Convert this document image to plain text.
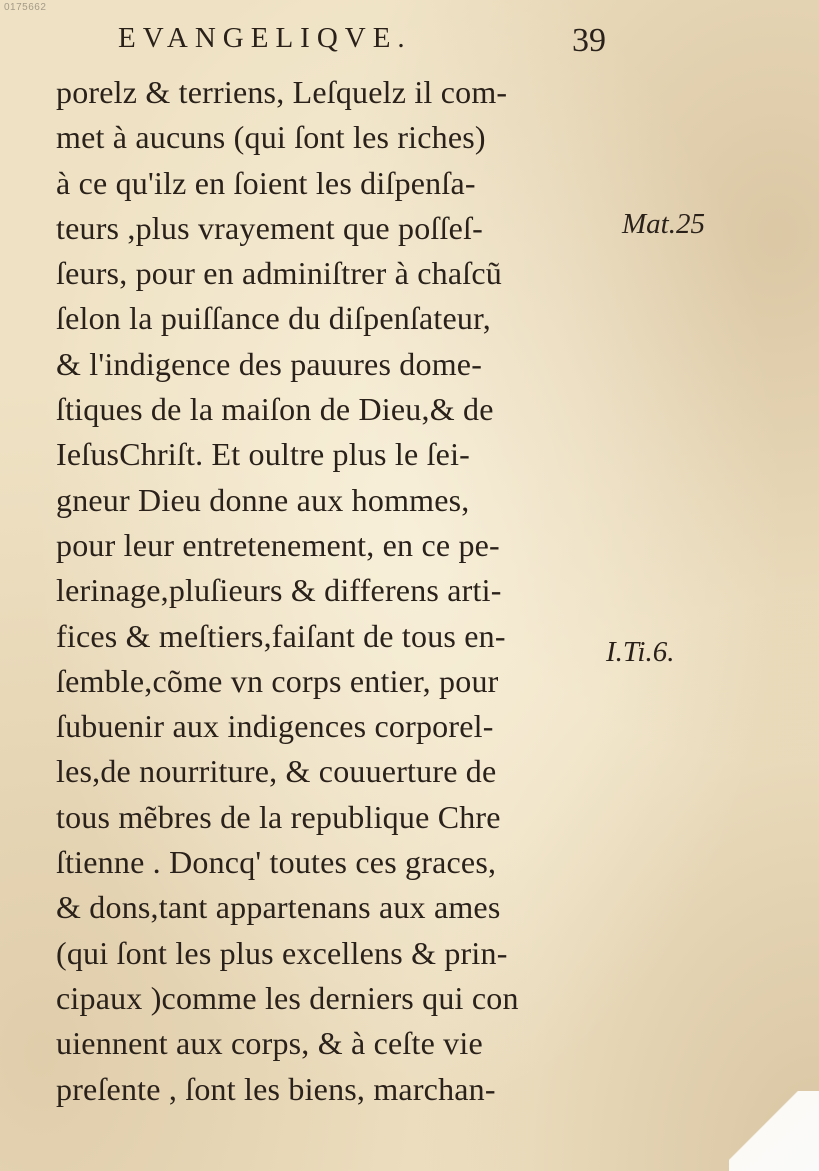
0175662
EVANGELIQVE.	39
porelz & terriens, Leſquelz il com-
met à aucuns (qui ſont les riches)
à ce qu'ilz en ſoient les diſpenſa-
teurs ,plus vrayement que poſſeſ-
ſeurs, pour en adminiſtrer à chaſcũ
ſelon la puiſſance du diſpenſateur,
& l'indigence des pauures dome-
ſtiques de la maiſon de Dieu,& de
IeſusChriſt. Et oultre plus le ſei-
gneur Dieu donne aux hommes,
pour leur entretenement, en ce pe-
lerinage,pluſieurs & differens arti-
fices & meſtiers,faiſant de tous en-
ſemble,cõme vn corps entier, pour
ſubuenir aux indigences corporel-
les,de nourriture, & couuerture de
tous mẽbres de la republique Chre
ſtienne . Doncq' toutes ces graces,
& dons,tant appartenans aux ames
(qui ſont les plus excellens & prin-
cipaux )comme les derniers qui con
uiennent aux corps, & à ceſte vie
preſente , ſont les biens, marchan-
Mat.25
I.Ti.6.
